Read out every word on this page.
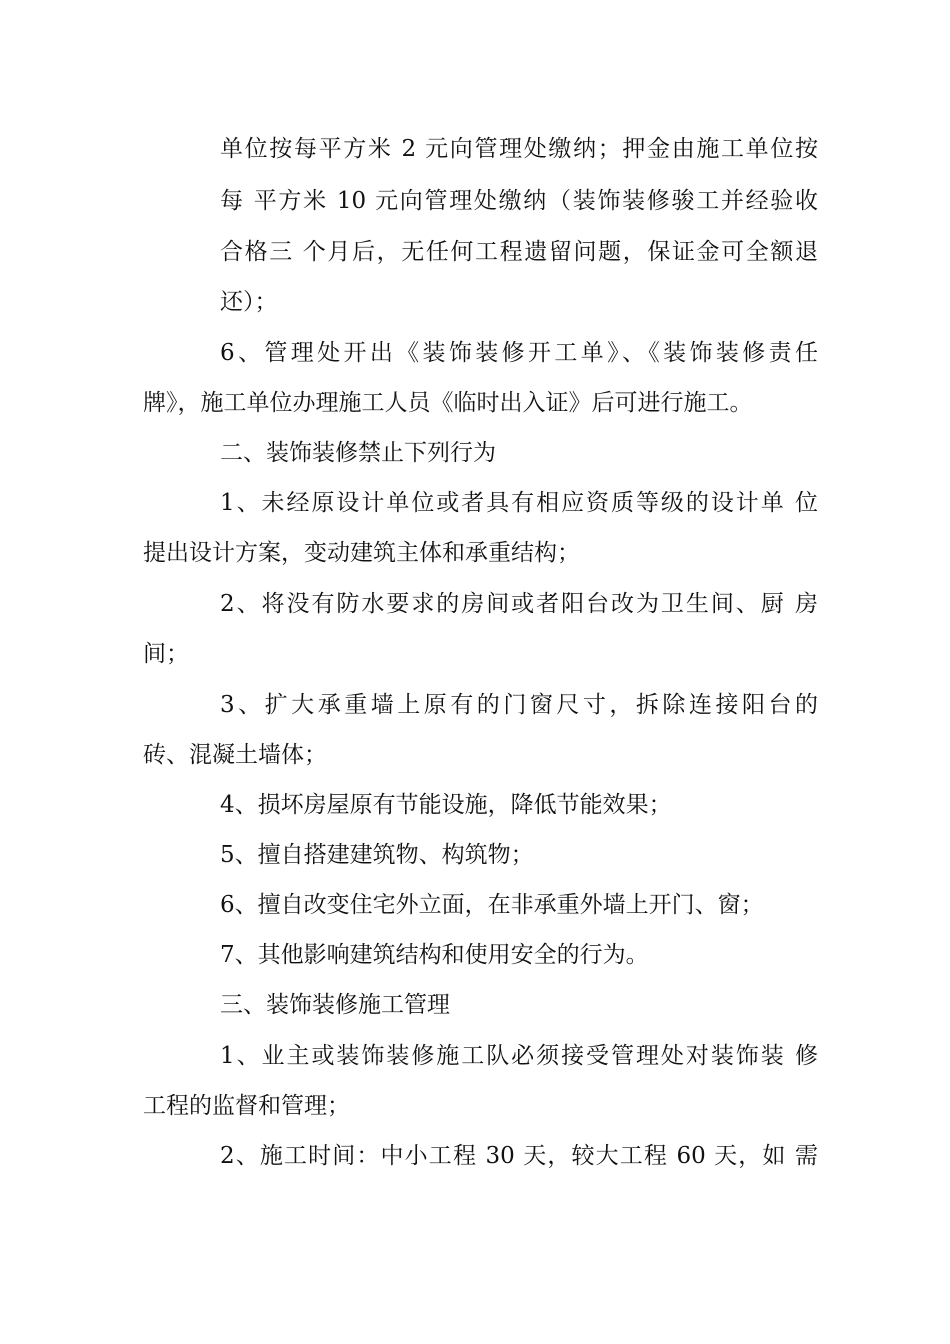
单位按每平方米 2 元向管理处缴纳；押金由施工单位按

每 平方米 10 元向管理处缴纳（装饰装修骏工并经验收

合格三 个月后，无任何工程遗留问题，保证金可全额退

还）；

6、管理处开出《装饰装修开工单》、《装饰装修责任

牌》，施工单位办理施工人员《临时出入证》后可进行施工。

二、装饰装修禁止下列行为

1、未经原设计单位或者具有相应资质等级的设计单 位

提出设计方案，变动建筑主体和承重结构；

2、将没有防水要求的房间或者阳台改为卫生间、厨 房

间；

3、扩大承重墙上原有的门窗尺寸，拆除连接阳台的

砖、混凝土墙体；

4、损坏房屋原有节能设施，降低节能效果；

5、擅自搭建建筑物、构筑物；

6、擅自改变住宅外立面，在非承重外墙上开门、窗；

7、其他影响建筑结构和使用安全的行为。

三、装饰装修施工管理

1、业主或装饰装修施工队必须接受管理处对装饰装 修

工程的监督和管理；

2、施工时间：中小工程 30 天，较大工程 60 天，如 需
